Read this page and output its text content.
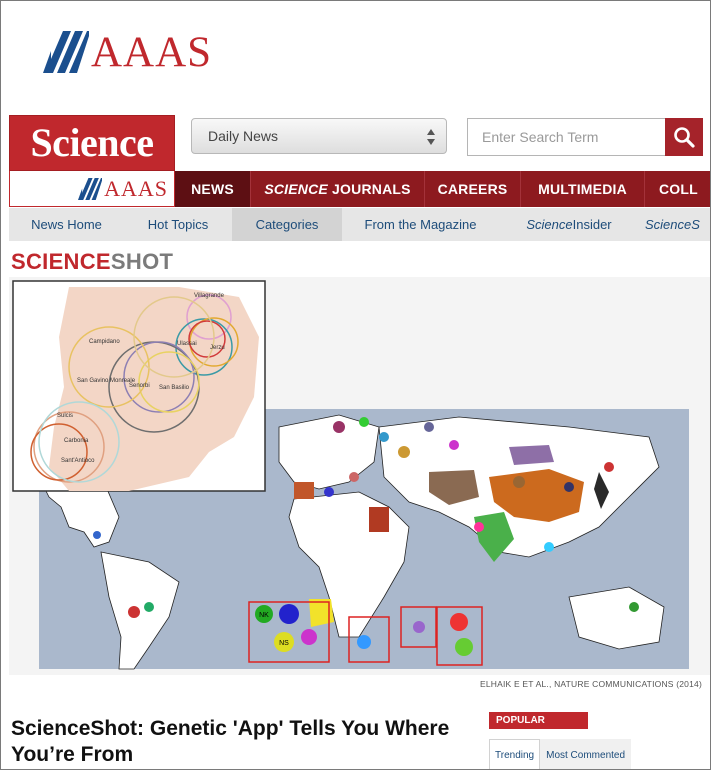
AAAS
Science
AAAS
Daily News
Enter Search Term
NEWS SCIENCE JOURNALS CAREERS MULTIMEDIA COLL
News Home	Hot Topics	Categories	From the Magazine	Science Insider	ScienceS
SCIENCESHOT
NK
NS
Villagrande
Ulassai
Jerzu
Campidano
San Gavino Monreale
Senorbi San Basilio
Sulcis
Carbonia
Sant'Antioco
ELHAIK E ET AL., NATURE COMMUNICATIONS (2014)
ScienceShot: Genetic 'App' Tells You Where You’re From
POPULAR
Trending Most Commented
